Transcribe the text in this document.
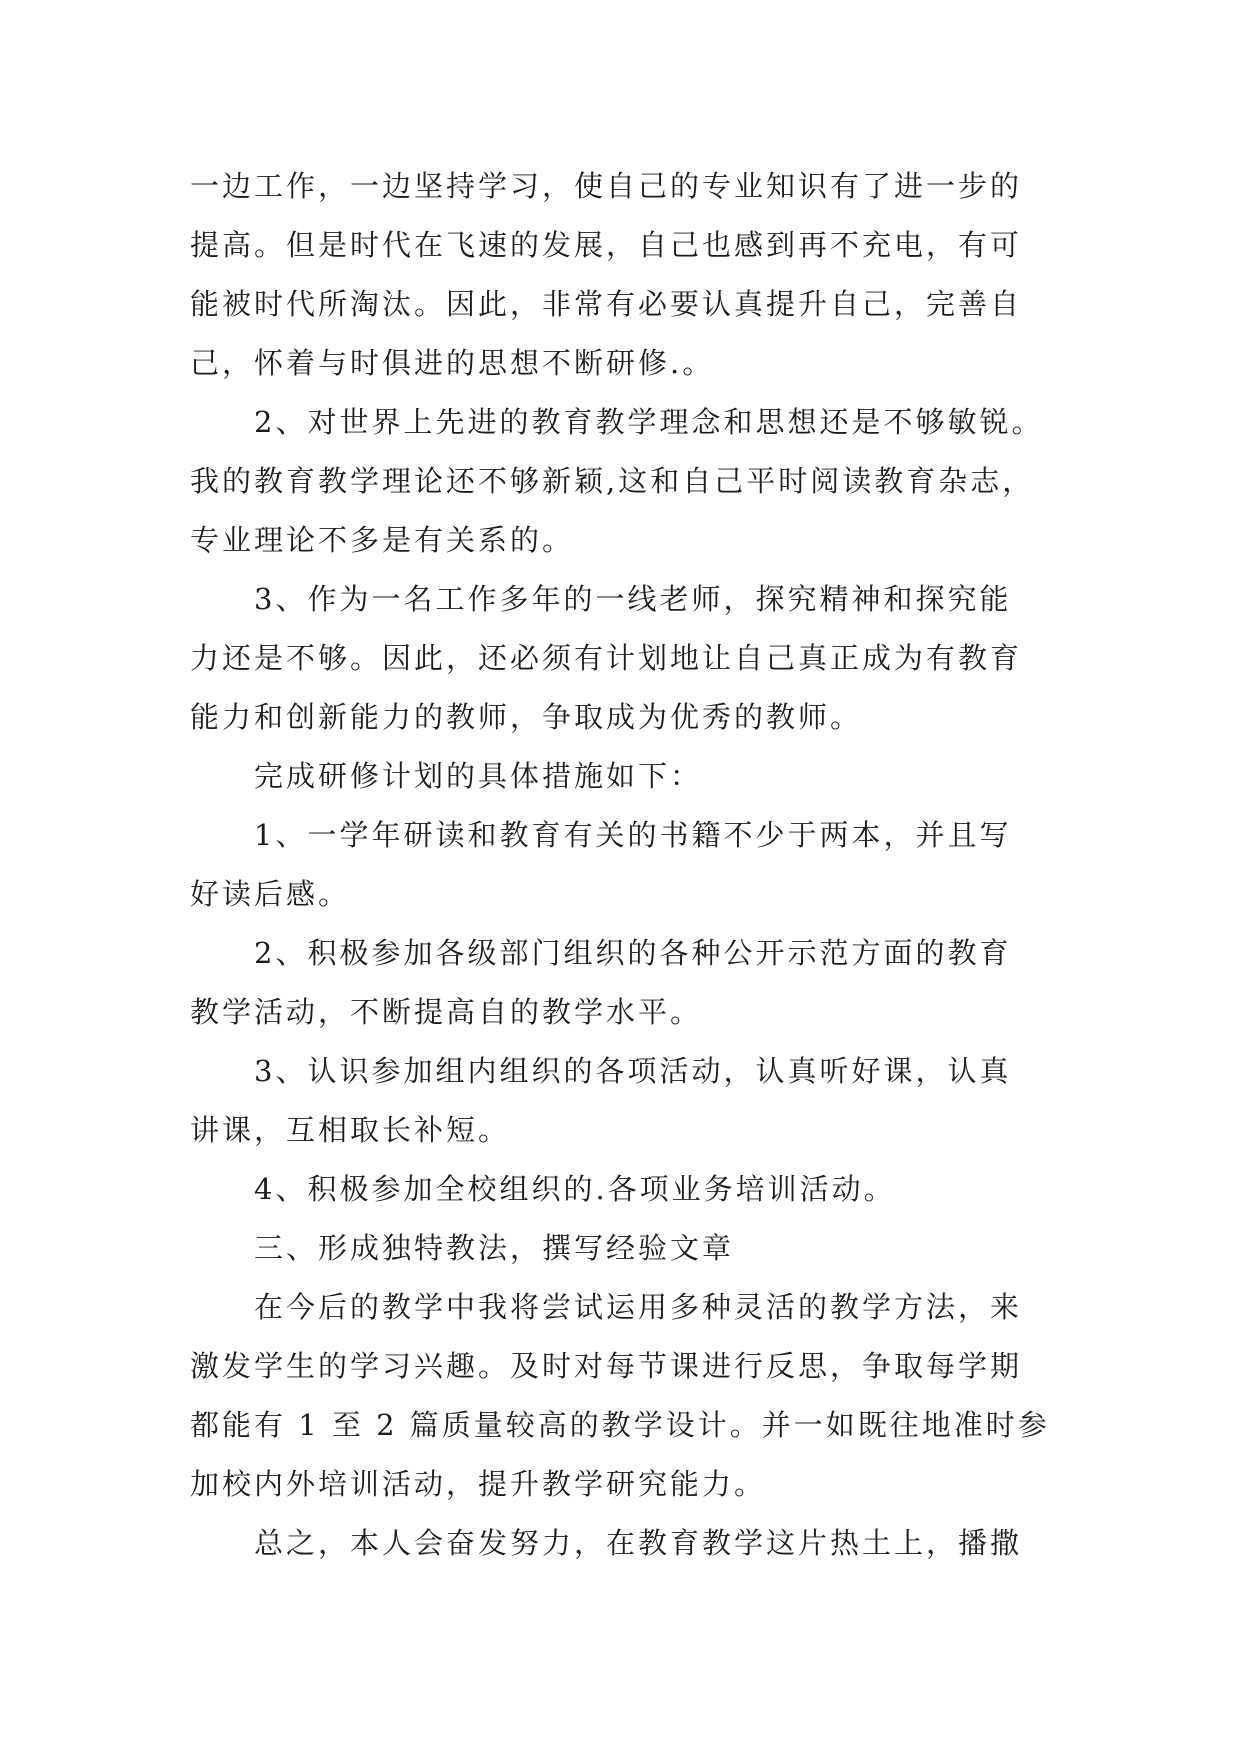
一边工作，一边坚持学习，使自己的专业知识有了进一步的
提高。但是时代在飞速的发展，自己也感到再不充电，有可
能被时代所淘汰。因此，非常有必要认真提升自己，完善自
己，怀着与时俱进的思想不断研修.。
　　2、对世界上先进的教育教学理念和思想还是不够敏锐。
我的教育教学理论还不够新颖,这和自己平时阅读教育杂志，
专业理论不多是有关系的。
　　3、作为一名工作多年的一线老师，探究精神和探究能
力还是不够。因此，还必须有计划地让自己真正成为有教育
能力和创新能力的教师，争取成为优秀的教师。
　　完成研修计划的具体措施如下：
　　1、一学年研读和教育有关的书籍不少于两本，并且写
好读后感。
　　2、积极参加各级部门组织的各种公开示范方面的教育
教学活动，不断提高自的教学水平。
　　3、认识参加组内组织的各项活动，认真听好课，认真
讲课，互相取长补短。
　　4、积极参加全校组织的.各项业务培训活动。
　　三、形成独特教法，撰写经验文章
　　在今后的教学中我将尝试运用多种灵活的教学方法，来
激发学生的学习兴趣。及时对每节课进行反思，争取每学期
都能有 1 至 2 篇质量较高的教学设计。并一如既往地准时参
加校内外培训活动，提升教学研究能力。
　　总之，本人会奋发努力，在教育教学这片热土上，播撒
